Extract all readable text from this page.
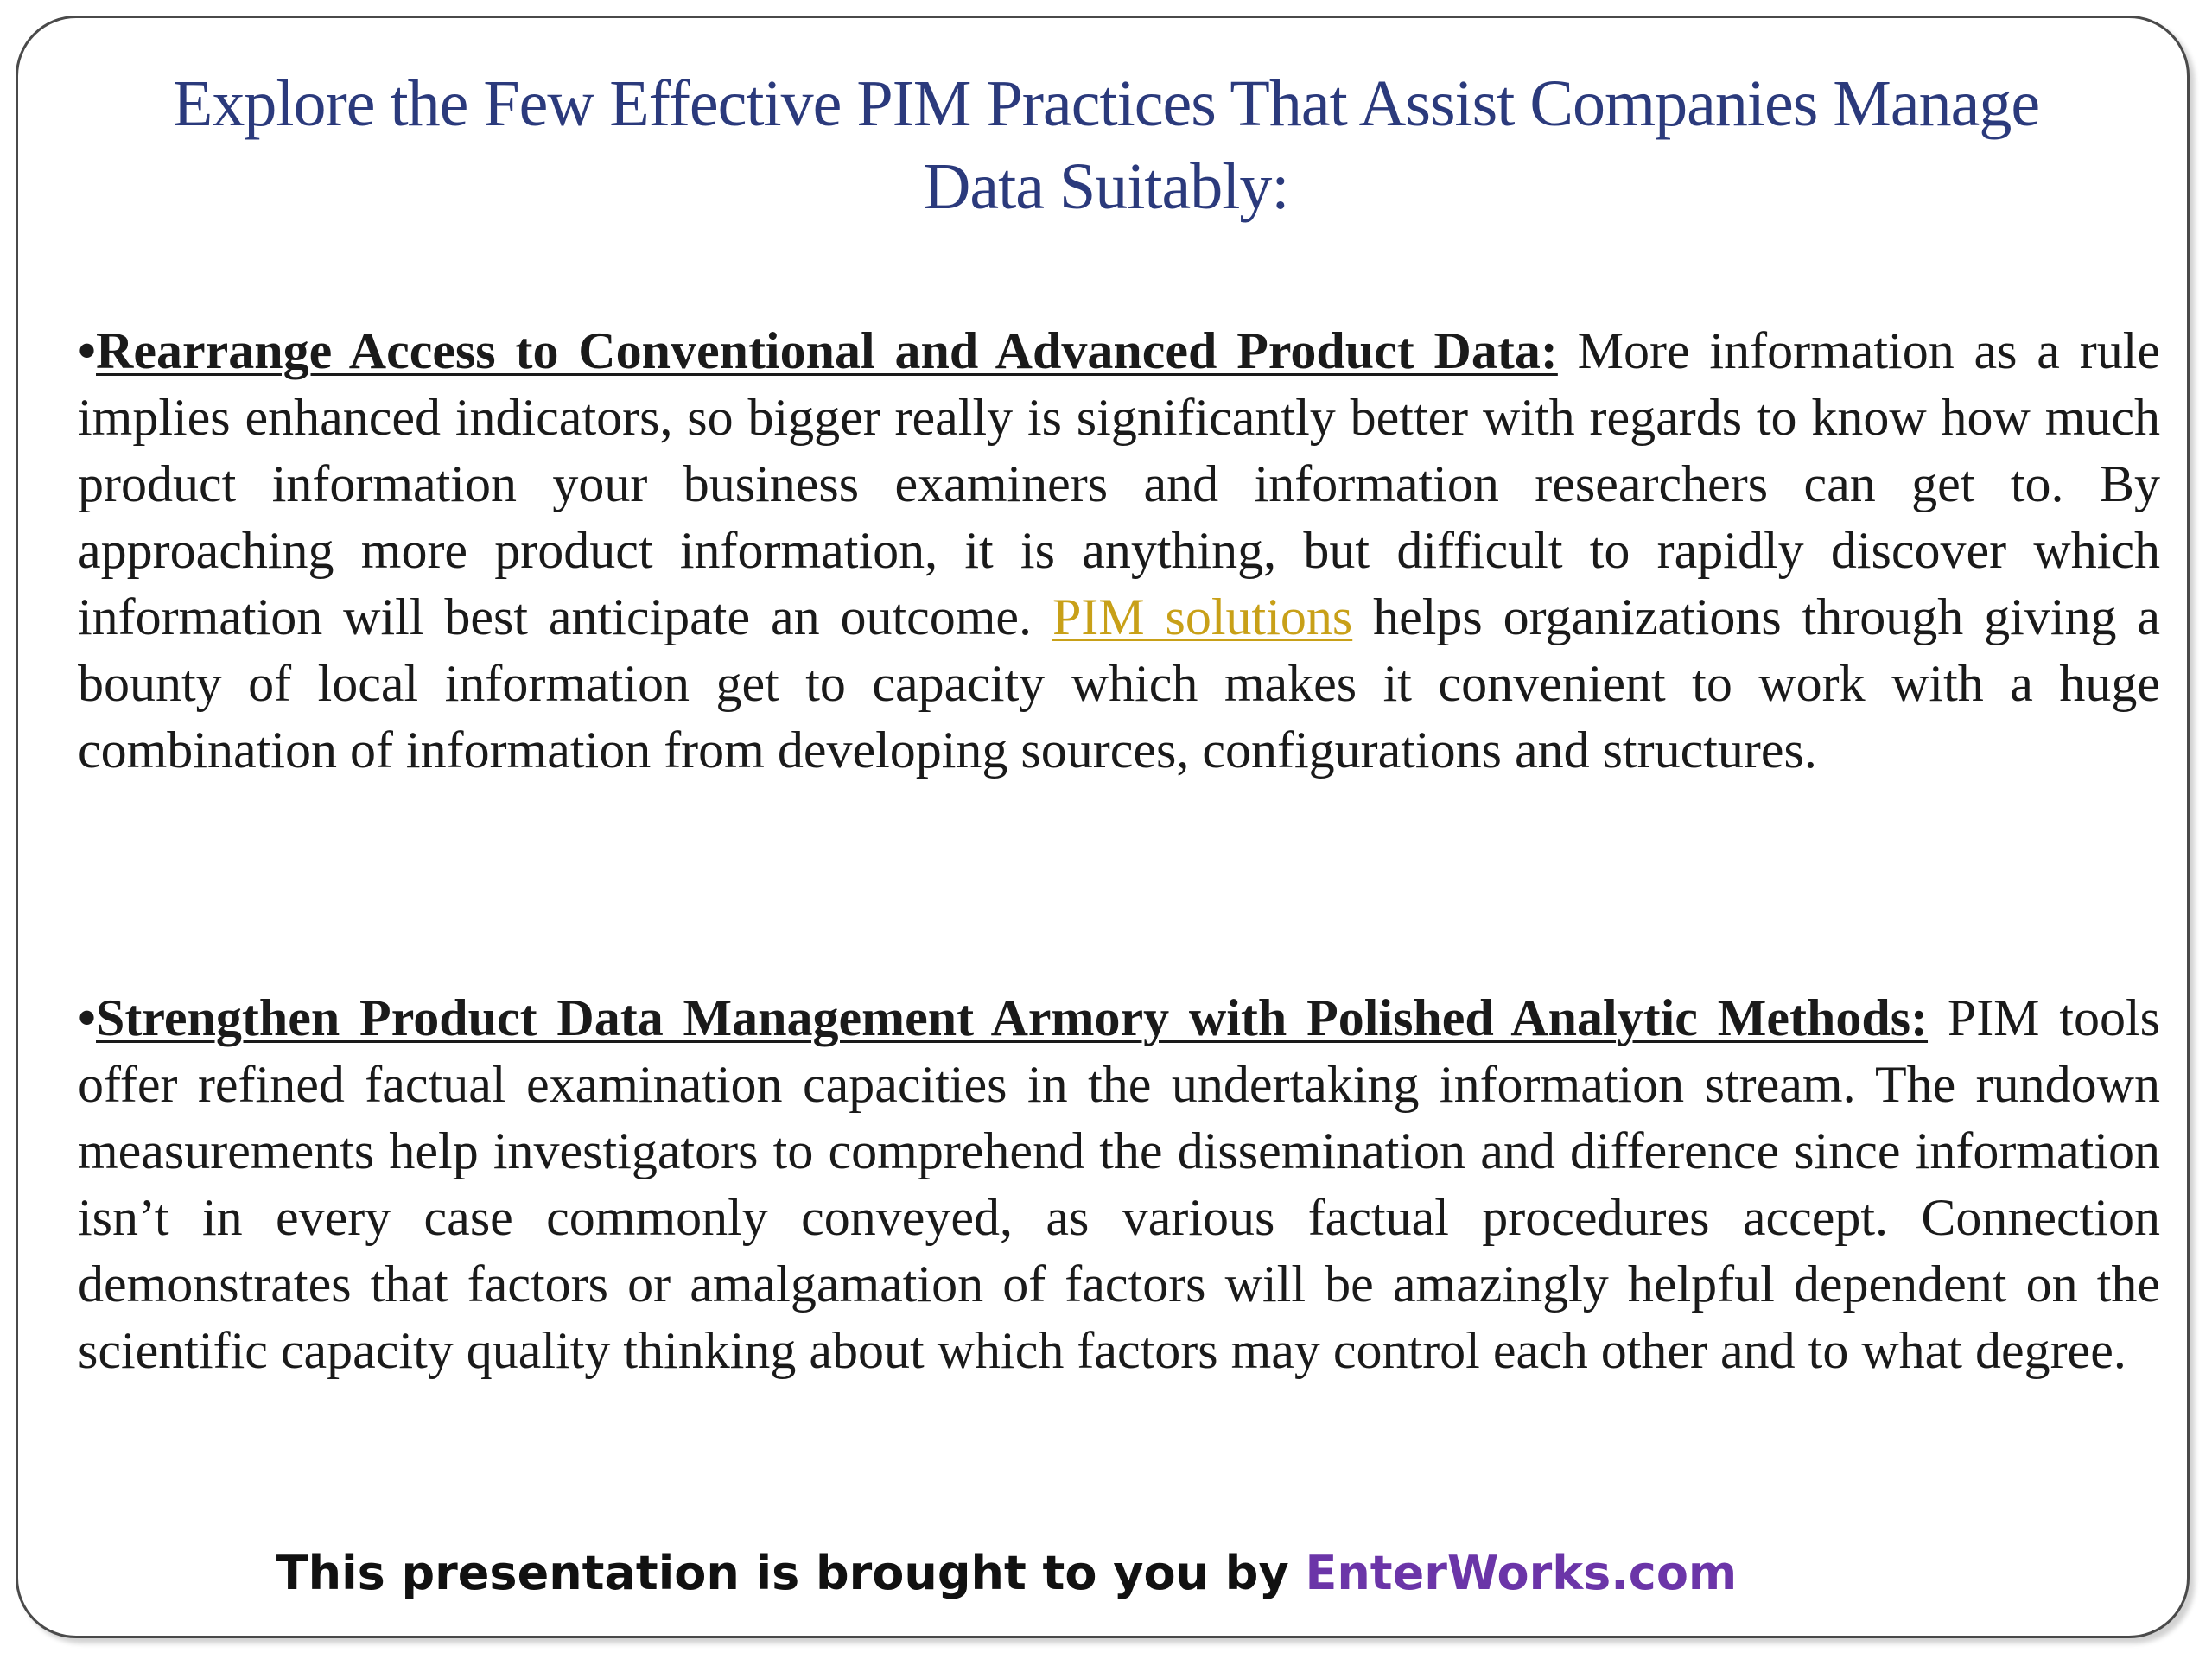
Explore the Few Effective PIM Practices That Assist Companies Manage
Data Suitably:

•Rearrange Access to Conventional and Advanced Product Data: More information as a rule implies enhanced indicators, so bigger really is significantly better with regards to know how much product information your business examiners and information researchers can get to. By approaching more product information, it is anything, but difficult to rapidly discover which information will best anticipate an outcome. PIM solutions helps organizations through giving a bounty of local information get to capacity which makes it convenient to work with a huge combination of information from developing sources, configurations and structures.

•Strengthen Product Data Management Armory with Polished Analytic Methods: PIM tools offer refined factual examination capacities in the undertaking information stream. The rundown measurements help investigators to comprehend the dissemination and difference since information isn’t in every case commonly conveyed, as various factual procedures accept. Connection demonstrates that factors or amalgamation of factors will be amazingly helpful dependent on the scientific capacity quality thinking about which factors may control each other and to what degree.

This presentation is brought to you by EnterWorks.com
